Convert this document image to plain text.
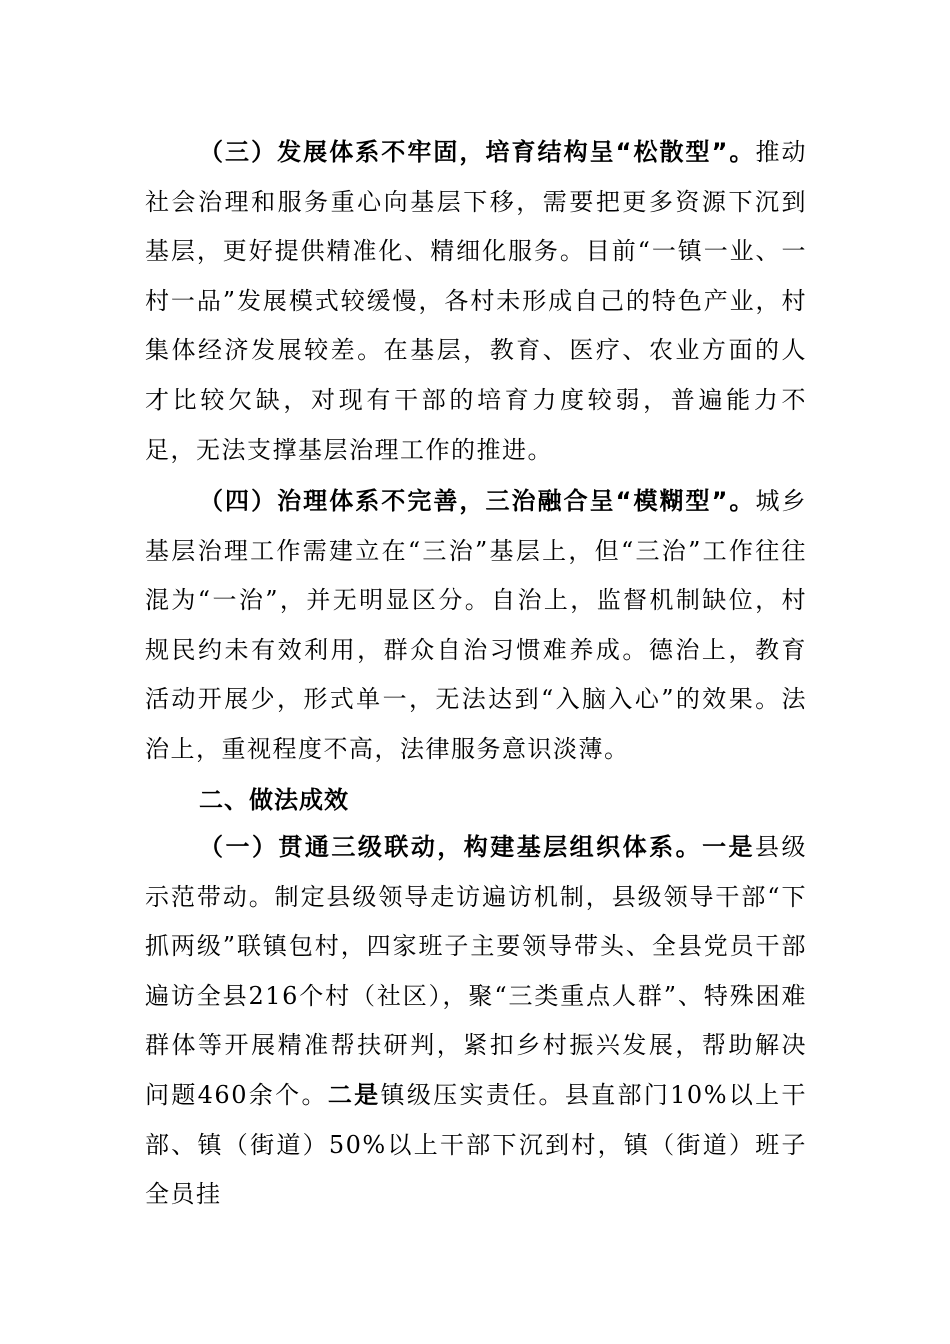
（三）发展体系不牢固，培育结构呈“松散型”。推动社会治理和服务重心向基层下移，需要把更多资源下沉到基层，更好提供精准化、精细化服务。目前“一镇一业、一村一品”发展模式较缓慢，各村未形成自己的特色产业，村集体经济发展较差。在基层，教育、医疗、农业方面的人才比较欠缺，对现有干部的培育力度较弱，普遍能力不足，无法支撑基层治理工作的推进。

（四）治理体系不完善，三治融合呈“模糊型”。城乡基层治理工作需建立在“三治”基层上，但“三治”工作往往混为“一治”，并无明显区分。自治上，监督机制缺位，村规民约未有效利用，群众自治习惯难养成。德治上，教育活动开展少，形式单一，无法达到“入脑入心”的效果。法治上，重视程度不高，法律服务意识淡薄。

二、做法成效

（一）贯通三级联动，构建基层组织体系。一是县级示范带动。制定县级领导走访遍访机制，县级领导干部“下抓两级”联镇包村，四家班子主要领导带头、全县党员干部遍访全县216个村（社区），聚“三类重点人群”、特殊困难群体等开展精准帮扶研判，紧扣乡村振兴发展，帮助解决问题460余个。二是镇级压实责任。县直部门10%以上干部、镇（街道）50%以上干部下沉到村，镇（街道）班子全员挂
